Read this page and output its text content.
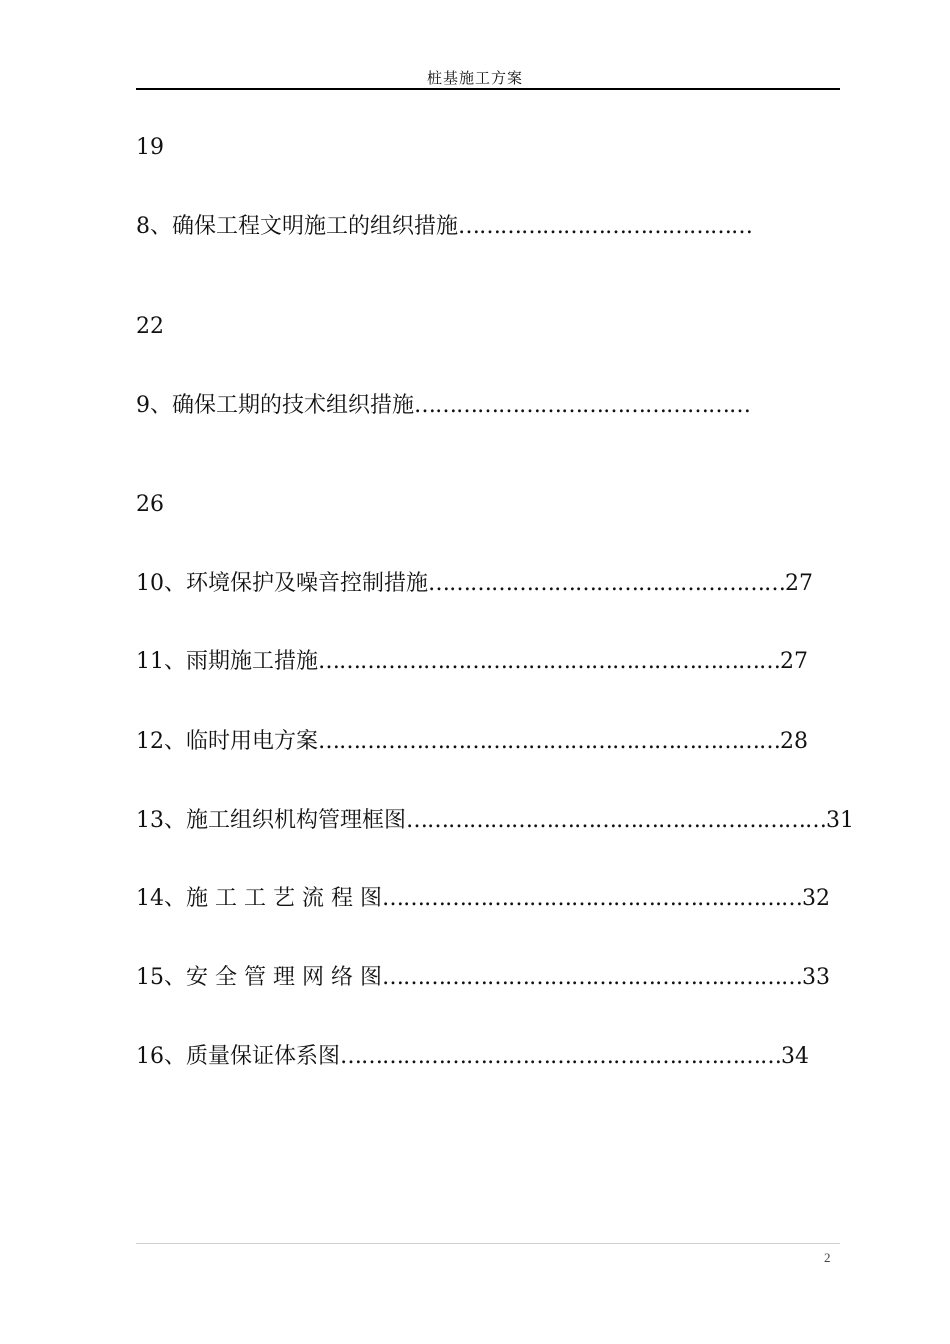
桩基施工方案
19
8、确保工程文明施工的组织措施……………………………………
22
9、确保工期的技术组织措施…………………………………………
26
10、环境保护及噪音控制措施……………………………………………27
11、雨期施工措施…………………………………………………………27
12、临时用电方案…………………………………………………………28
13、施工组织机构管理框图……………………………………………………31
14、施 工 工 艺 流 程 图……………………………………………………32
15、安 全 管 理 网 络 图……………………………………………………33
16、质量保证体系图………………………………………………………34
2
